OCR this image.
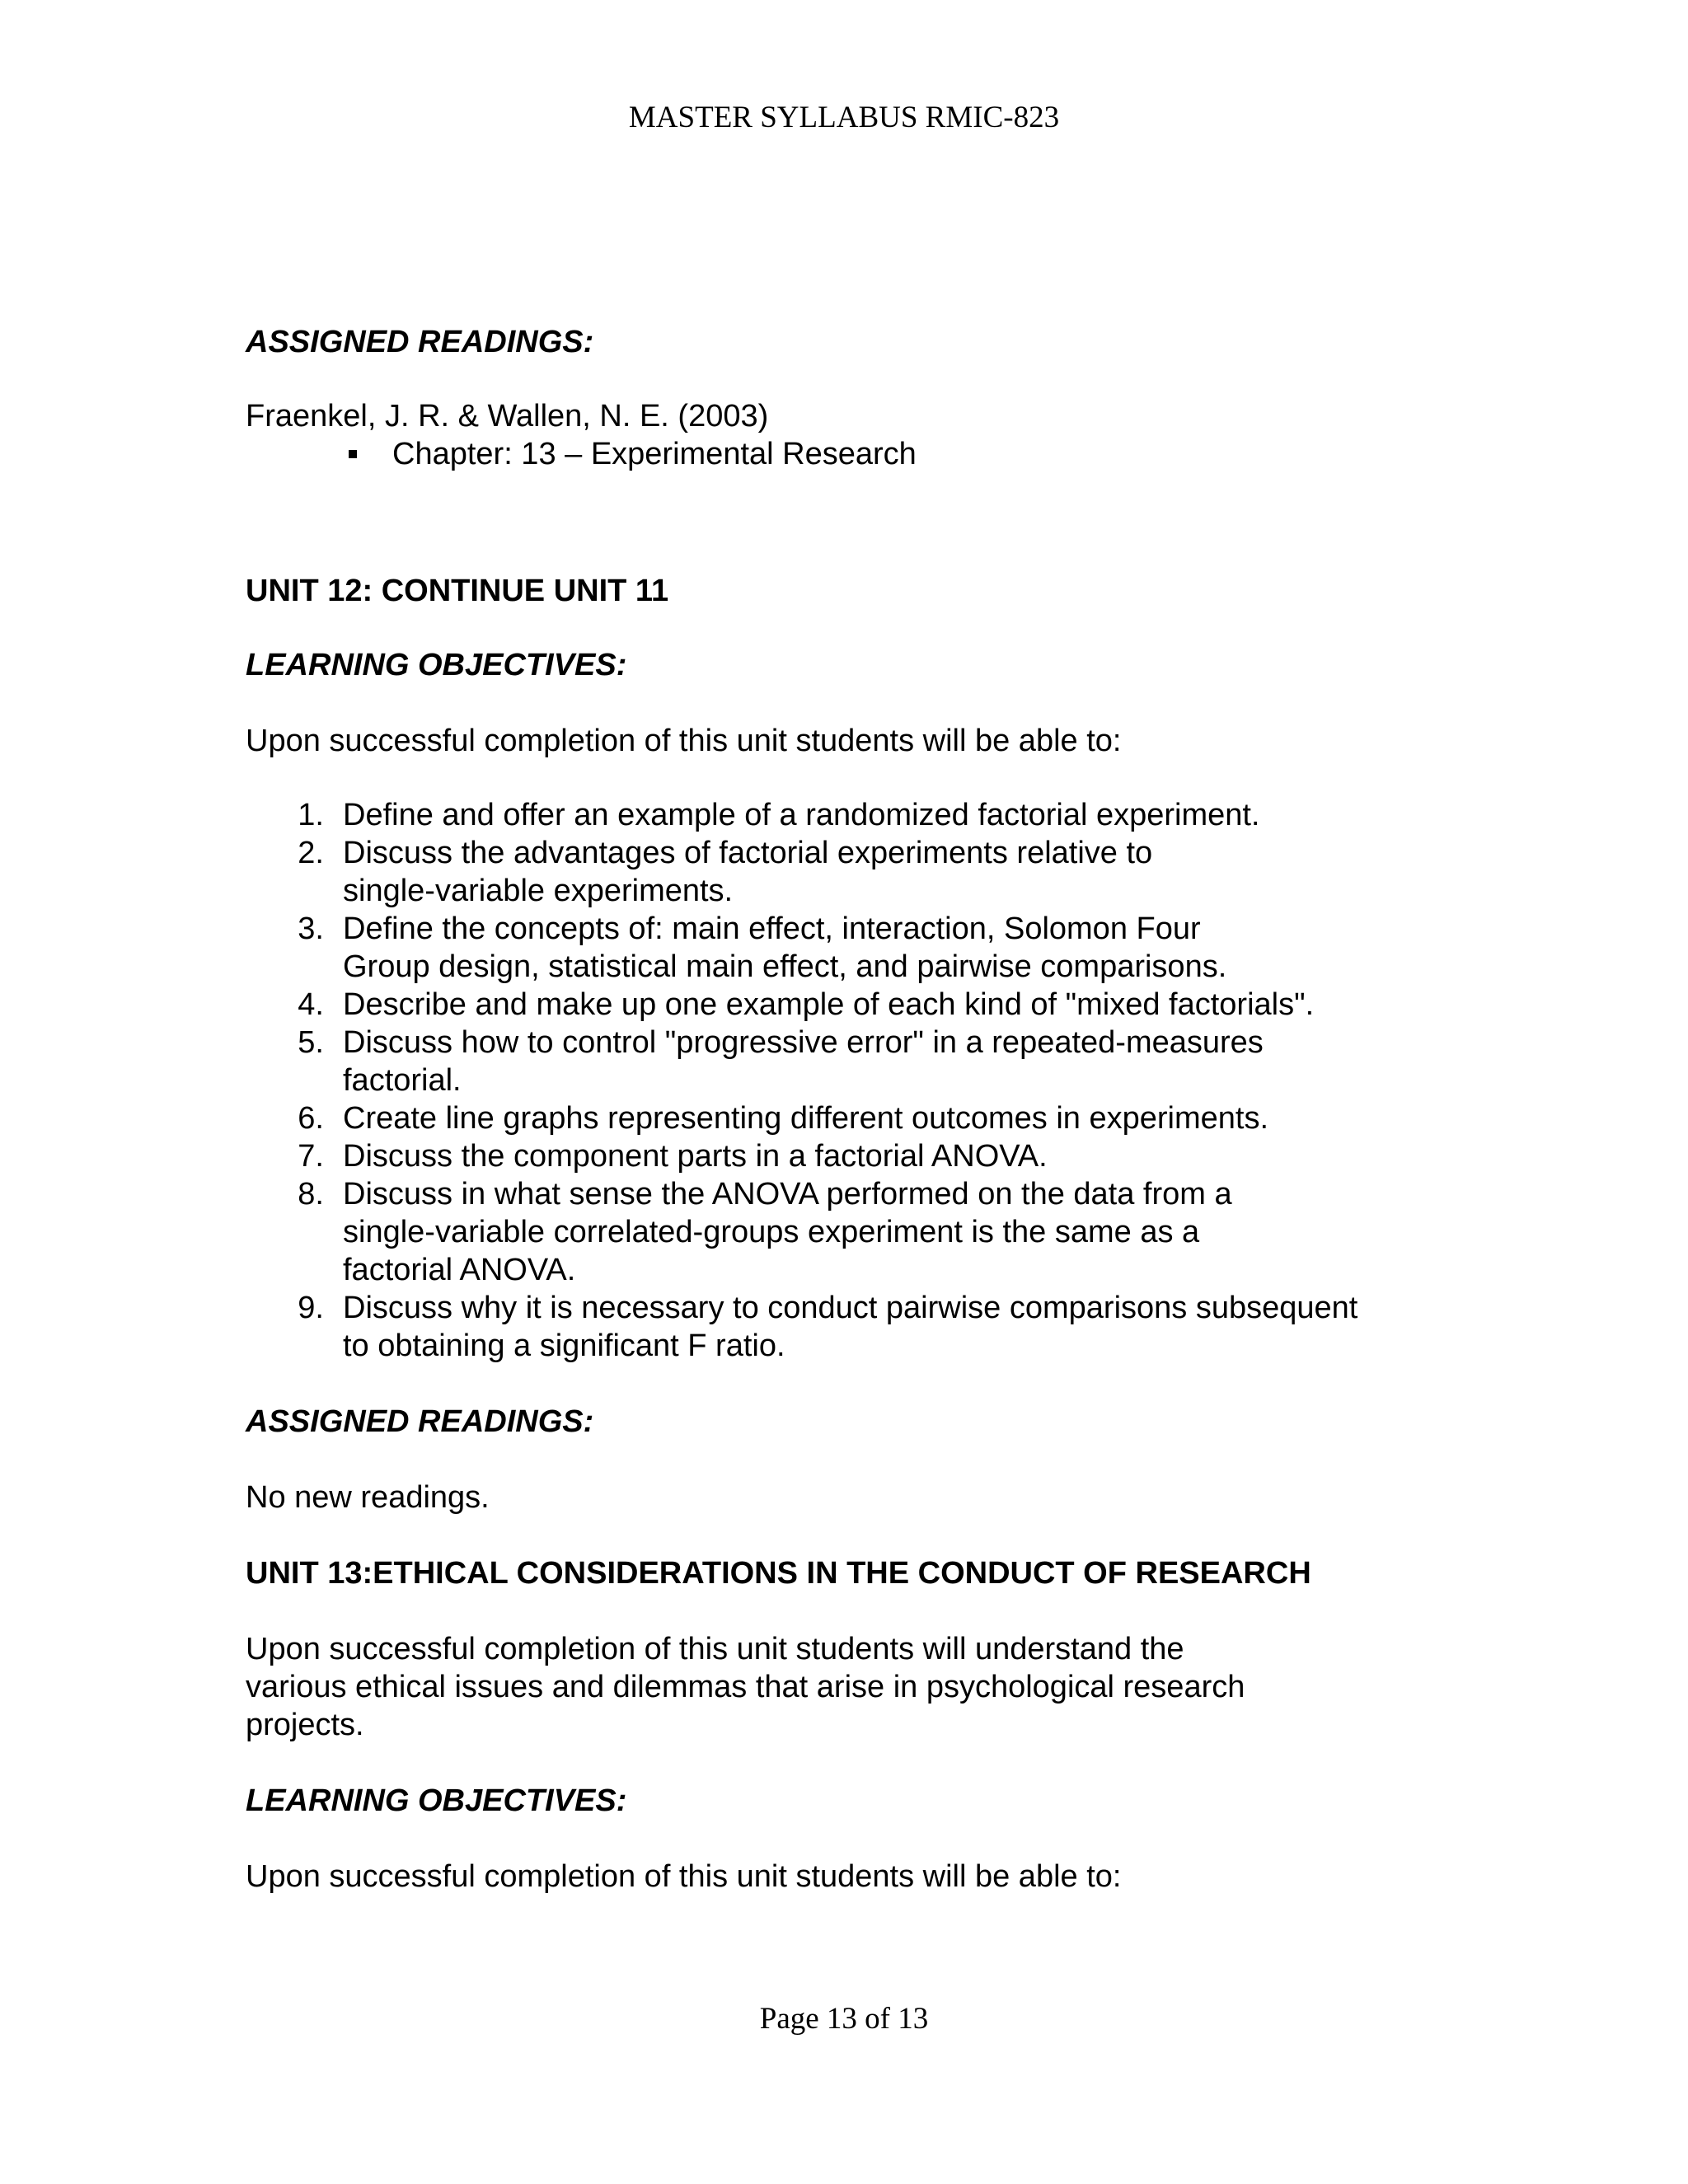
MASTER SYLLABUS RMIC-823
ASSIGNED READINGS:
Fraenkel, J. R. & Wallen, N. E. (2003)
Chapter: 13 – Experimental Research
UNIT 12: CONTINUE UNIT 11
LEARNING OBJECTIVES:
Upon successful completion of this unit students will be able to:
1. Define and offer an example of a randomized factorial experiment.
2. Discuss the advantages of factorial experiments relative to
single-variable experiments.
3. Define the concepts of: main effect, interaction, Solomon Four
Group design, statistical main effect, and pairwise comparisons.
4. Describe and make up one example of each kind of "mixed factorials".
5. Discuss how to control "progressive error" in a repeated-measures
factorial.
6. Create line graphs representing different outcomes in experiments.
7. Discuss the component parts in a factorial ANOVA.
8. Discuss in what sense the ANOVA performed on the data from a
single-variable correlated-groups experiment is the same as a
factorial ANOVA.
9. Discuss why it is necessary to conduct pairwise comparisons subsequent
to obtaining a significant F ratio.
ASSIGNED READINGS:
No new readings.
UNIT 13:ETHICAL CONSIDERATIONS IN THE CONDUCT OF RESEARCH
Upon successful completion of this unit students will understand the
various ethical issues and dilemmas that arise in psychological research
projects.
LEARNING OBJECTIVES:
Upon successful completion of this unit students will be able to:
Page 13 of 13
